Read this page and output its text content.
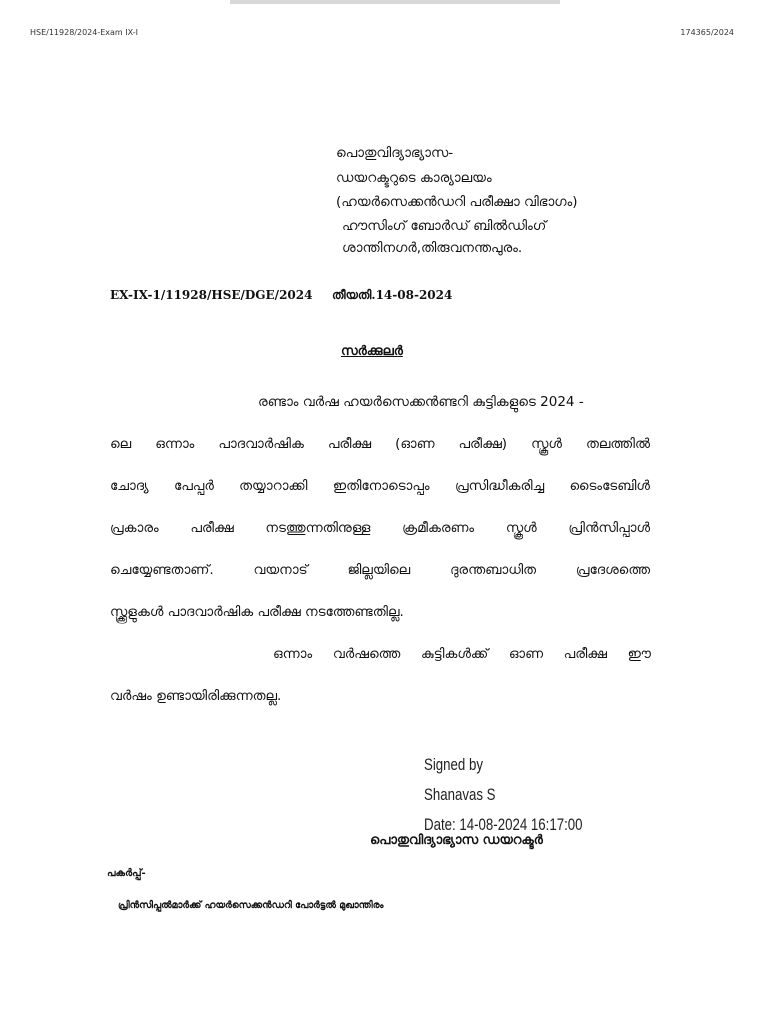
HSE/11928/2024-Exam IX-I	174365/2024
പൊതുവിദ്യാഭ്യാസ-
ഡയറക്ടറുടെ കാര്യാലയം
(ഹയർസെക്കൻഡറി പരീക്ഷാ വിഭാഗം)
ഹൗസിംഗ് ബോർഡ്‌ ബിൽഡിംഗ്
ശാന്തിനഗർ,തിരുവനന്തപുരം.
EX-IX-1/11928/HSE/DGE/2024 തീയതി.14-08-2024
സർക്കുലർ
രണ്ടാം വർഷ ഹയർസെക്കൻണ്ടറി കുട്ടികളുടെ 2024 -
ലെ ഒന്നാം പാദവാർഷിക പരീക്ഷ (ഓണ പരീക്ഷ) സ്കൂൾ തലത്തിൽ
ചോദ്യ പേപ്പർ തയ്യാറാക്കി ഇതിനോടൊപ്പം പ്രസിദ്ധീകരിച്ച ടൈംടേബിൾ
പ്രകാരം പരീക്ഷ നടത്തുന്നതിനുള്ള ക്രമീകരണം സ്കൂൾ പ്രിൻസിപ്പാൾ
ചെയ്യേണ്ടതാണ്. വയനാട് ജില്ലയിലെ ദുരന്തബാധിത പ്രദേശത്തെ
സ്ക്കൂളുകൾ പാദവാർഷിക പരീക്ഷ നടത്തേണ്ടതില്ല.
ഒന്നാം വർഷത്തെ കുട്ടികൾക്ക് ഓണ പരീക്ഷ ഈ
വർഷം ഉണ്ടായിരിക്കുന്നതല്ല.
Signed by
Shanavas S
Date: 14-08-2024 16:17:00
പൊതുവിദ്യാഭ്യാസ ഡയറക്ടർ
പകർപ്പ്-
പ്രിൻസിപ്പൽമാർക്ക് ഹയർസെക്കൻഡറി പോർട്ടൽ മുഖാന്തിരം
